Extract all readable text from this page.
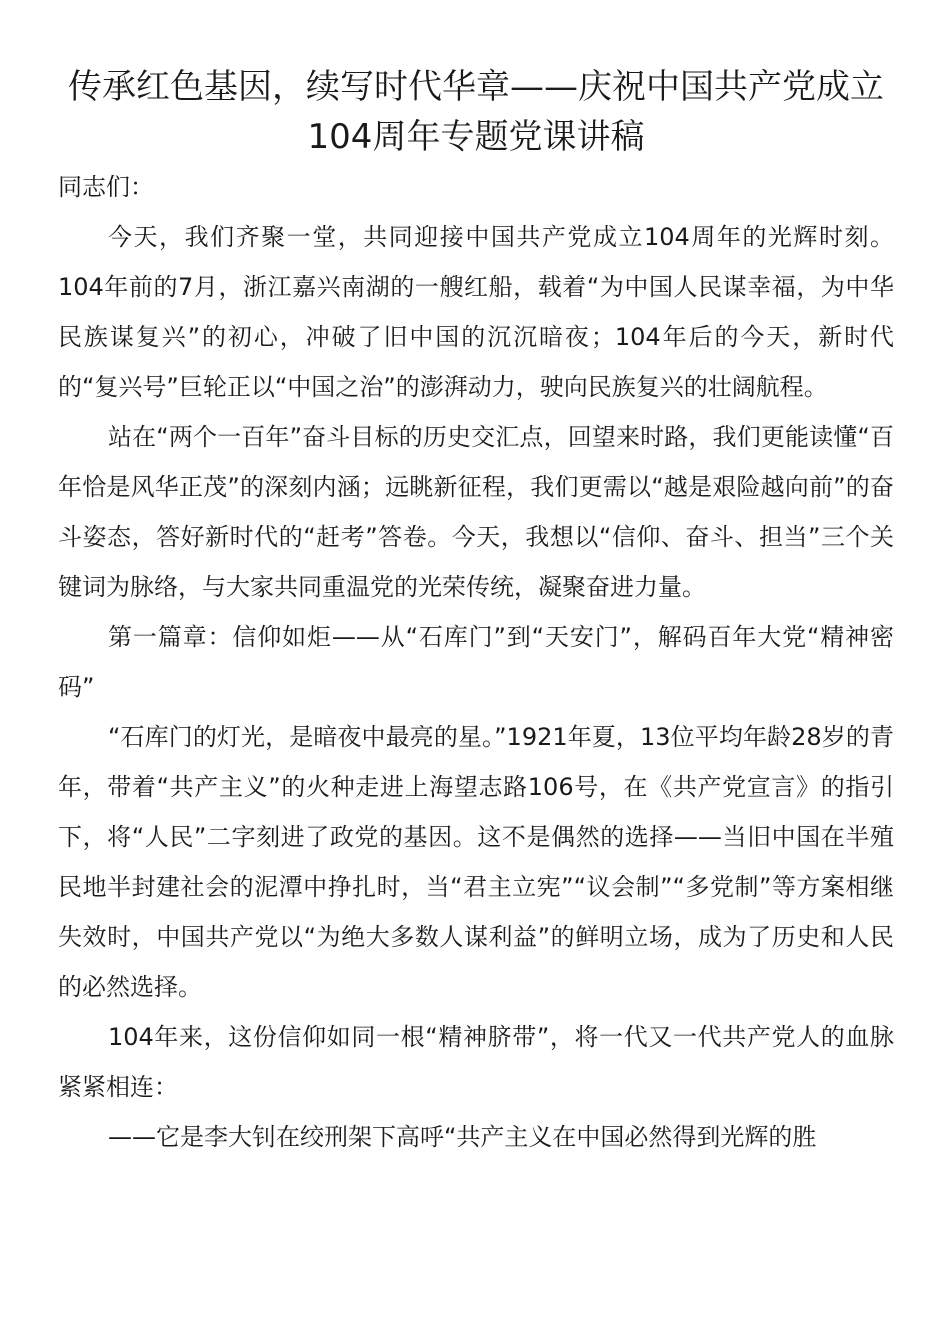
传承红色基因，续写时代华章——庆祝中国共产党成立104周年专题党课讲稿

同志们：

今天，我们齐聚一堂，共同迎接中国共产党成立104周年的光辉时刻。104年前的7月，浙江嘉兴南湖的一艘红船，载着“为中国人民谋幸福，为中华民族谋复兴”的初心，冲破了旧中国的沉沉暗夜；104年后的今天，新时代的“复兴号”巨轮正以“中国之治”的澎湃动力，驶向民族复兴的壮阔航程。

站在“两个一百年”奋斗目标的历史交汇点，回望来时路，我们更能读懂“百年恰是风华正茂”的深刻内涵；远眺新征程，我们更需以“越是艰险越向前”的奋斗姿态，答好新时代的“赶考”答卷。今天，我想以“信仰、奋斗、担当”三个关键词为脉络，与大家共同重温党的光荣传统，凝聚奋进力量。

第一篇章：信仰如炬——从“石库门”到“天安门”，解码百年大党“精神密码”

“石库门的灯光，是暗夜中最亮的星。”1921年夏，13位平均年龄28岁的青年，带着“共产主义”的火种走进上海望志路106号，在《共产党宣言》的指引下，将“人民”二字刻进了政党的基因。这不是偶然的选择——当旧中国在半殖民地半封建社会的泥潭中挣扎时，当“君主立宪”“议会制”“多党制”等方案相继失效时，中国共产党以“为绝大多数人谋利益”的鲜明立场，成为了历史和人民的必然选择。

104年来，这份信仰如同一根“精神脐带”，将一代又一代共产党人的血脉紧紧相连：

——它是李大钊在绞刑架下高呼“共产主义在中国必然得到光辉的胜
